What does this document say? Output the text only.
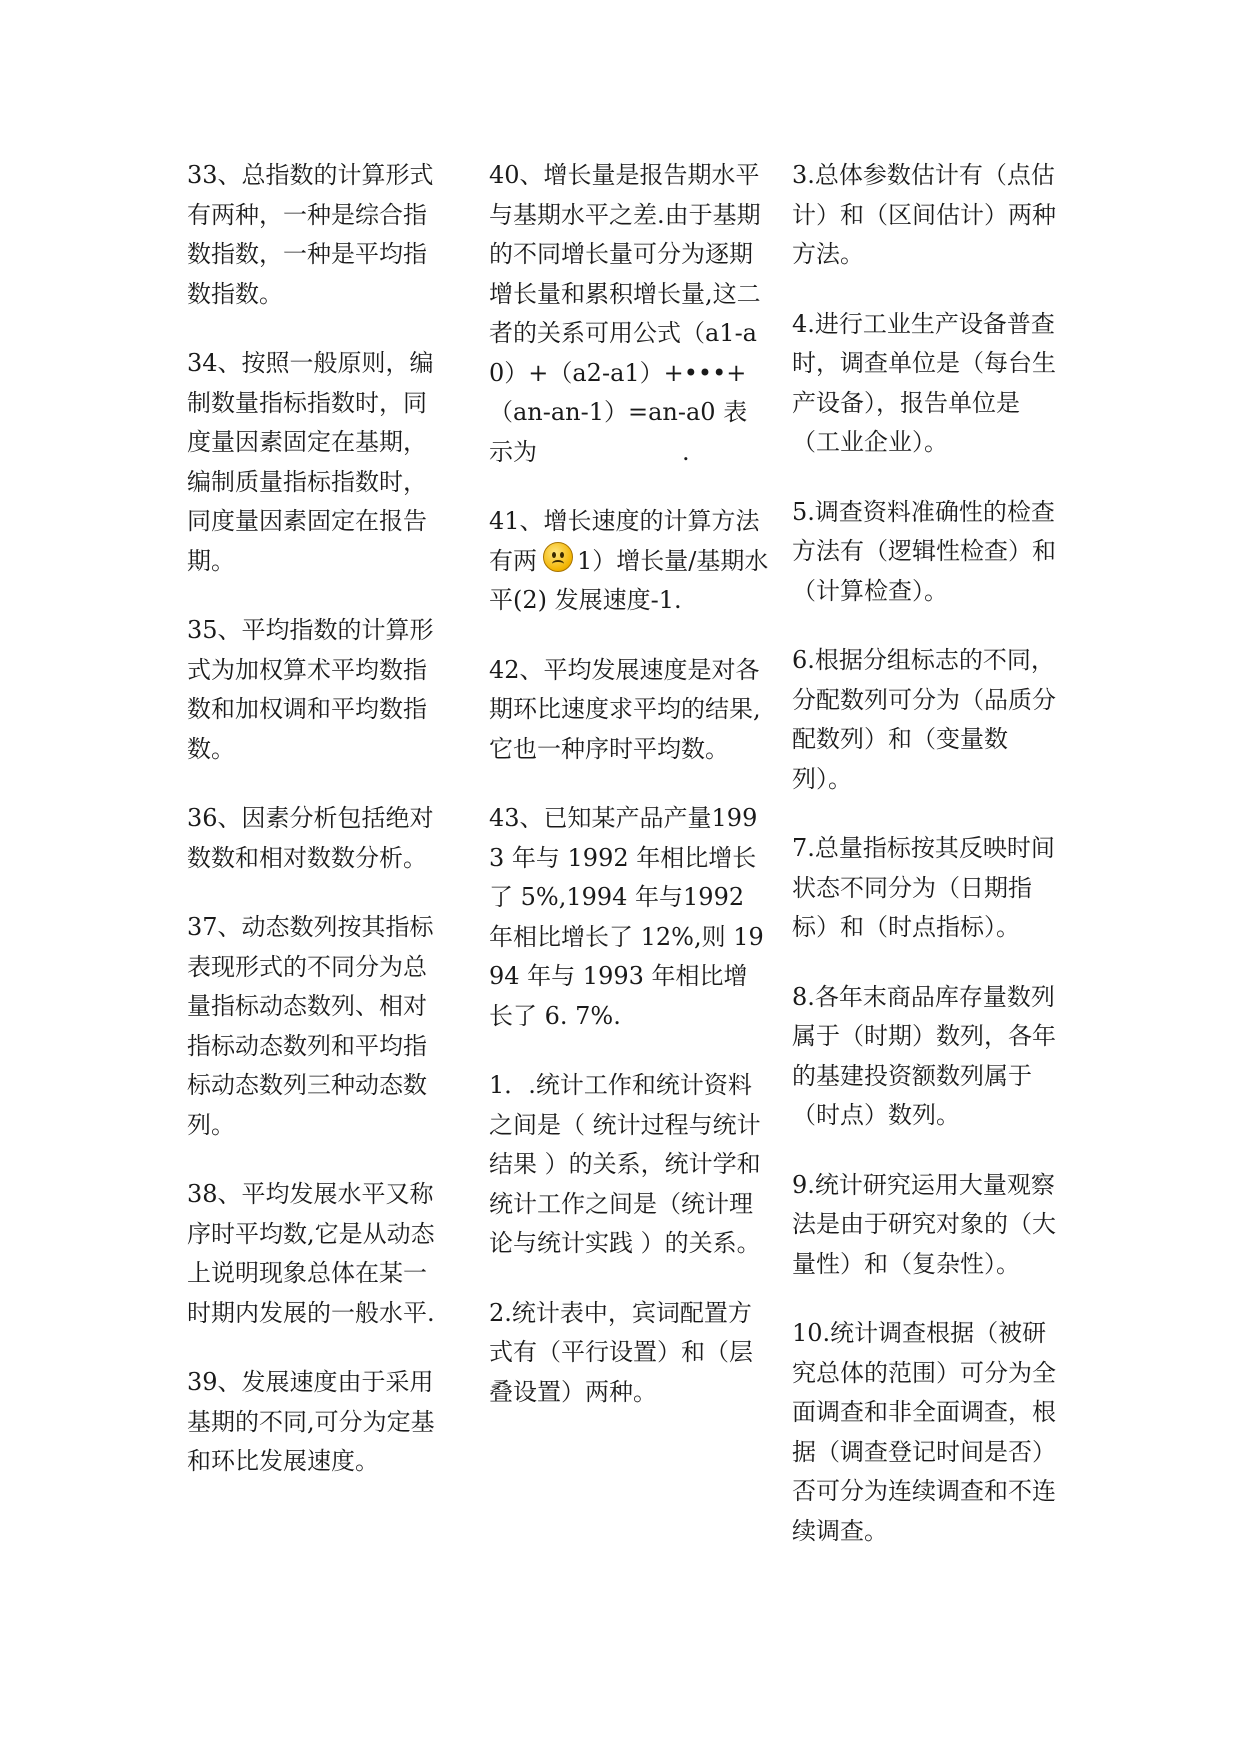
33、总指数的计算形式有两种，一种是综合指数指数，一种是平均指数指数。

34、按照一般原则，编制数量指标指数时，同度量因素固定在基期，编制质量指标指数时，同度量因素固定在报告期。

35、平均指数的计算形式为加权算术平均数指数和加权调和平均数指数。

36、因素分析包括绝对数数和相对数数分析。

37、动态数列按其指标表现形式的不同分为总量指标动态数列、相对指标动态数列和平均指标动态数列三种动态数列。

38、平均发展水平又称序时平均数,它是从动态上说明现象总体在某一时期内发展的一般水平.

39、发展速度由于采用基期的不同,可分为定基和环比发展速度。

40、增长量是报告期水平与基期水平之差.由于基期的不同增长量可分为逐期增长量和累积增长量,这二者的关系可用公式（a1-a0）+（a2-a1）+•••+（an-an-1）=an-a0 表示为                   .

41、增长速度的计算方法有两 1）增长量/基期水平(2) 发展速度-1.

42、平均发展速度是对各期环比速度求平均的结果,它也一种序时平均数。

43、已知某产品产量1993 年与 1992 年相比增长了 5%,1994 年与1992 年相比增长了 12%,则 1994 年与 1993 年相比增长了 6. 7%.

1．.统计工作和统计资料之间是（ 统计过程与统计结果 ）的关系，统计学和统计工作之间是（统计理论与统计实践 ）的关系。

2.统计表中，宾词配置方式有（平行设置）和（层叠设置）两种。

3.总体参数估计有（点估计）和（区间估计）两种方法。

4.进行工业生产设备普查时，调查单位是（每台生产设备），报告单位是（工业企业）。

5.调查资料准确性的检查方法有（逻辑性检查）和（计算检查）。

6.根据分组标志的不同，分配数列可分为（品质分配数列）和（变量数列）。

7.总量指标按其反映时间状态不同分为（日期指标）和（时点指标）。

8.各年末商品库存量数列属于（时期）数列，各年的基建投资额数列属于（时点）数列。

9.统计研究运用大量观察法是由于研究对象的（大量性）和（复杂性）。

10.统计调查根据（被研究总体的范围）可分为全面调查和非全面调查，根据（调查登记时间是否）否可分为连续调查和不连续调查。
